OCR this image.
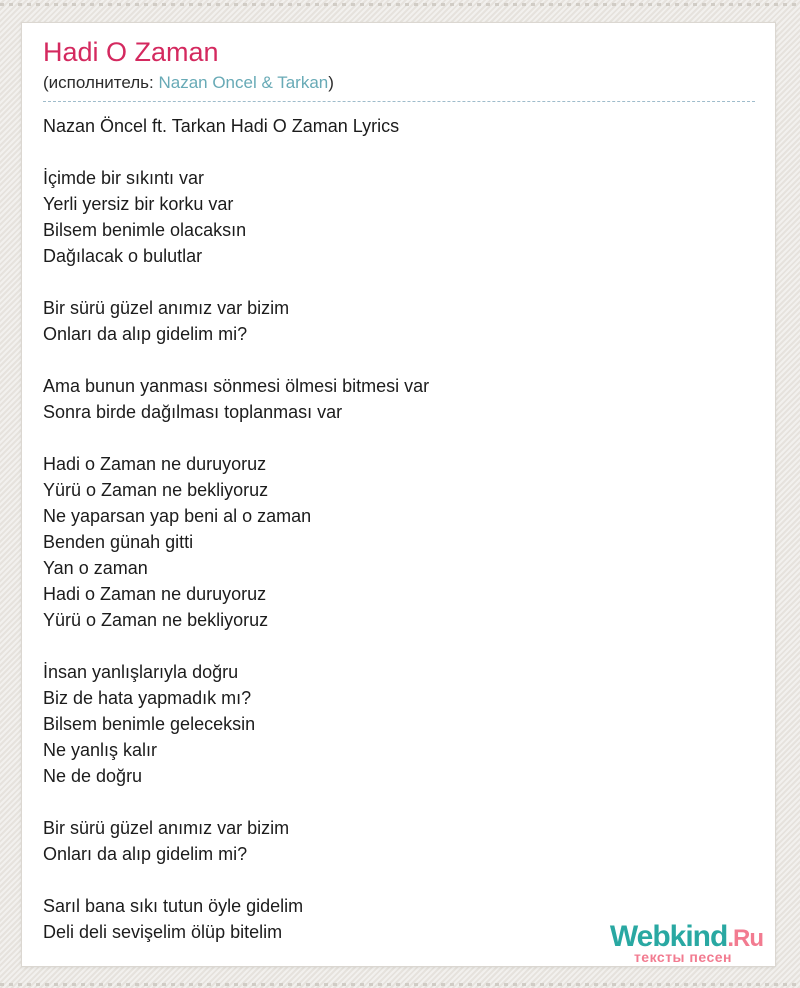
Hadi O Zaman
(исполнитель: Nazan Oncel & Tarkan)
Nazan Öncel ft. Tarkan Hadi O Zaman Lyrics
İçimde bir sıkıntı var
Yerli yersiz bir korku var
Bilsem benimle olacaksın
Dağılacak o bulutlar
Bir sürü güzel anımız var bizim
Onları da alıp gidelim mi?
Ama bunun yanması sönmesi ölmesi bitmesi var
Sonra birde dağılması toplanması var
Hadi o Zaman ne duruyoruz
Yürü o Zaman ne bekliyoruz
Ne yaparsan yap beni al o zaman
Benden günah gitti
Yan o zaman
Hadi o Zaman ne duruyoruz
Yürü o Zaman ne bekliyoruz
İnsan yanlışlarıyla doğru
Biz de hata yapmadık mı?
Bilsem benimle geleceksin
Ne yanlış kalır
Ne de doğru
Bir sürü güzel anımız var bizim
Onları da alıp gidelim mi?
Sarıl bana sıkı tutun öyle gidelim
Deli deli sevişelim ölüp bitelim	Webkind.Ru
тексты песен
